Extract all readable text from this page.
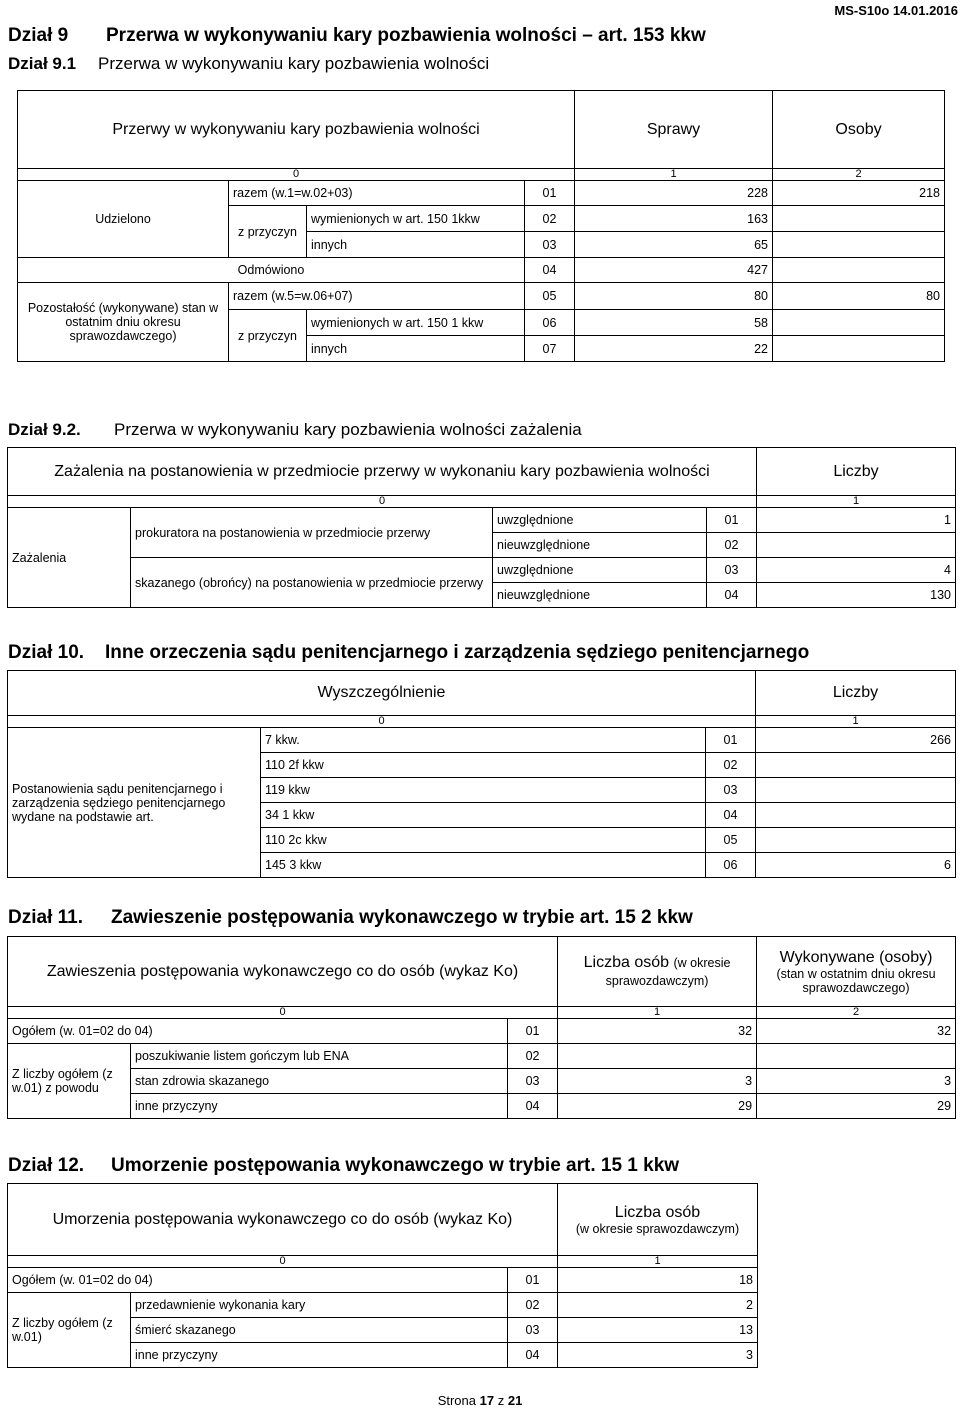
MS-S10o 14.01.2016
Dział 9 Przerwa w wykonywaniu kary pozbawienia wolności – art. 153 kkw
Dział 9.1 Przerwa w wykonywaniu kary pozbawienia wolności
Przerwy w wykonywaniu kary pozbawienia wolności				Sprawy	Osoby
0				1	2
Udzielono	razem (w.1=w.02+03)		01	228	218
	z przyczyn	wymienionych w art. 150 1kkw	02	163	
		innych	03	65	
Odmówiono			04	427	
Pozostałość (wykonywane) stan w ostatnim dniu okresu sprawozdawczego)	razem (w.5=w.06+07)		05	80	80
	z przyczyn	wymienionych w art. 150 1 kkw	06	58	
		innych	07	22	
Dział 9.2. Przerwa w wykonywaniu kary pozbawienia wolności zażalenia
Zażalenia na postanowienia w przedmiocie przerwy w wykonaniu kary pozbawienia wolności				Liczby
0				1
Zażalenia	prokuratora na postanowienia w przedmiocie przerwy	uwzględnione	01	1
		nieuwzględnione	02	
	skazanego (obrońcy) na postanowienia w przedmiocie przerwy	uwzględnione	03	4
		nieuwzględnione	04	130
Dział 10. Inne orzeczenia sądu penitencjarnego i zarządzenia sędziego penitencjarnego
Wyszczególnienie			Liczby
0			1
Postanowienia sądu penitencjarnego i zarządzenia sędziego penitencjarnego wydane na podstawie art.	7 kkw.	01	266
	110 2f kkw	02	
	119 kkw	03	
	34 1 kkw	04	
	110 2c kkw	05	
	145 3 kkw	06	6
Dział 11. Zawieszenie postępowania wykonawczego w trybie art. 15 2 kkw
Zawieszenia postępowania wykonawczego co do osób (wykaz Ko)			Liczba osób (w okresie sprawozdawczym)	Wykonywane (osoby)
(stan w ostatnim dniu okresu sprawozdawczego)

0			1	2
Ogółem (w. 01=02 do 04)		01	32	32
Z liczby ogółem (z w.01) z powodu	poszukiwanie listem gończym lub ENA	02		
	stan zdrowia skazanego	03	3	3
	inne przyczyny	04	29	29
Dział 12. Umorzenie postępowania wykonawczego w trybie art. 15 1 kkw
Umorzenia postępowania wykonawczego co do osób (wykaz Ko)			Liczba osób
(w okresie sprawozdawczym)

0			1
Ogółem (w. 01=02 do 04)		01	18
Z liczby ogółem (z w.01)	przedawnienie wykonania kary	02	2
	śmierć skazanego	03	13
	inne przyczyny	04	3
Strona 17 z 21
